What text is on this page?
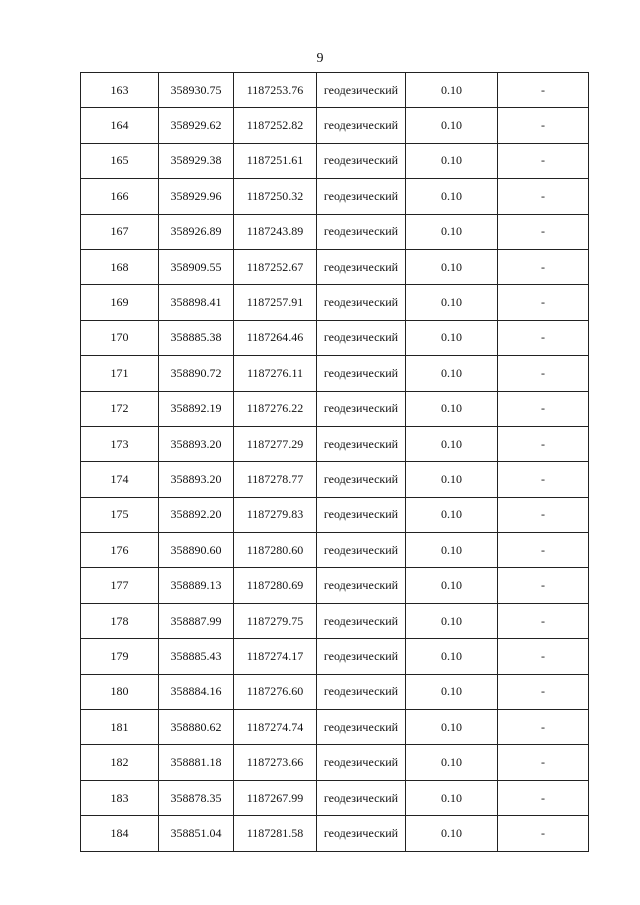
9
163	358930.75	1187253.76	геодезический	0.10	-
164	358929.62	1187252.82	геодезический	0.10	-
165	358929.38	1187251.61	геодезический	0.10	-
166	358929.96	1187250.32	геодезический	0.10	-
167	358926.89	1187243.89	геодезический	0.10	-
168	358909.55	1187252.67	геодезический	0.10	-
169	358898.41	1187257.91	геодезический	0.10	-
170	358885.38	1187264.46	геодезический	0.10	-
171	358890.72	1187276.11	геодезический	0.10	-
172	358892.19	1187276.22	геодезический	0.10	-
173	358893.20	1187277.29	геодезический	0.10	-
174	358893.20	1187278.77	геодезический	0.10	-
175	358892.20	1187279.83	геодезический	0.10	-
176	358890.60	1187280.60	геодезический	0.10	-
177	358889.13	1187280.69	геодезический	0.10	-
178	358887.99	1187279.75	геодезический	0.10	-
179	358885.43	1187274.17	геодезический	0.10	-
180	358884.16	1187276.60	геодезический	0.10	-
181	358880.62	1187274.74	геодезический	0.10	-
182	358881.18	1187273.66	геодезический	0.10	-
183	358878.35	1187267.99	геодезический	0.10	-
184	358851.04	1187281.58	геодезический	0.10	-
